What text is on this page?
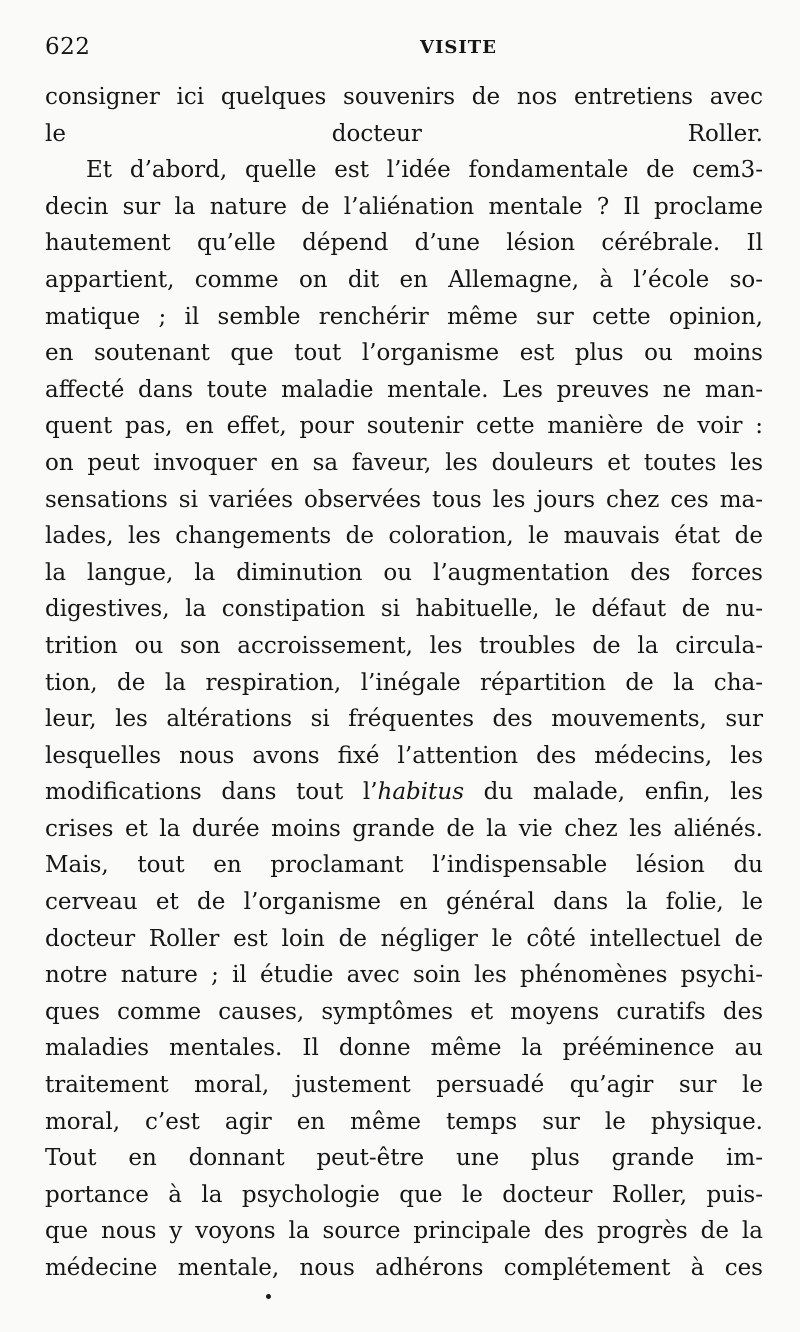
622	VISITE
consigner ici quelques souvenirs de nos entretiens avec
le docteur Roller.
Et d’abord, quelle est l’idée fondamentale de cem3-
decin sur la nature de l’aliénation mentale ? Il proclame
hautement qu’elle dépend d’une lésion cérébrale. Il
appartient, comme on dit en Allemagne, à l’école so-
matique ; il semble renchérir même sur cette opinion,
en soutenant que tout l’organisme est plus ou moins
affecté dans toute maladie mentale. Les preuves ne man-
quent pas, en effet, pour soutenir cette manière de voir :
on peut invoquer en sa faveur, les douleurs et toutes les
sensations si variées observées tous les jours chez ces ma-
lades, les changements de coloration, le mauvais état de
la langue, la diminution ou l’augmentation des forces
digestives, la constipation si habituelle, le défaut de nu-
trition ou son accroissement, les troubles de la circula-
tion, de la respiration, l’inégale répartition de la cha-
leur, les altérations si fréquentes des mouvements, sur
lesquelles nous avons fixé l’attention des médecins, les
modifications dans tout l’habitus du malade, enfin, les
crises et la durée moins grande de la vie chez les aliénés.
Mais, tout en proclamant l’indispensable lésion du
cerveau et de l’organisme en général dans la folie, le
docteur Roller est loin de négliger le côté intellectuel de
notre nature ; il étudie avec soin les phénomènes psychi-
ques comme causes, symptômes et moyens curatifs des
maladies mentales. Il donne même la prééminence au
traitement moral, justement persuadé qu’agir sur le
moral, c’est agir en même temps sur le physique.
Tout en donnant peut-être une plus grande im-
portance à la psychologie que le docteur Roller, puis-
que nous y voyons la source principale des progrès de la
médecine mentale, nous adhérons complétement à ces
